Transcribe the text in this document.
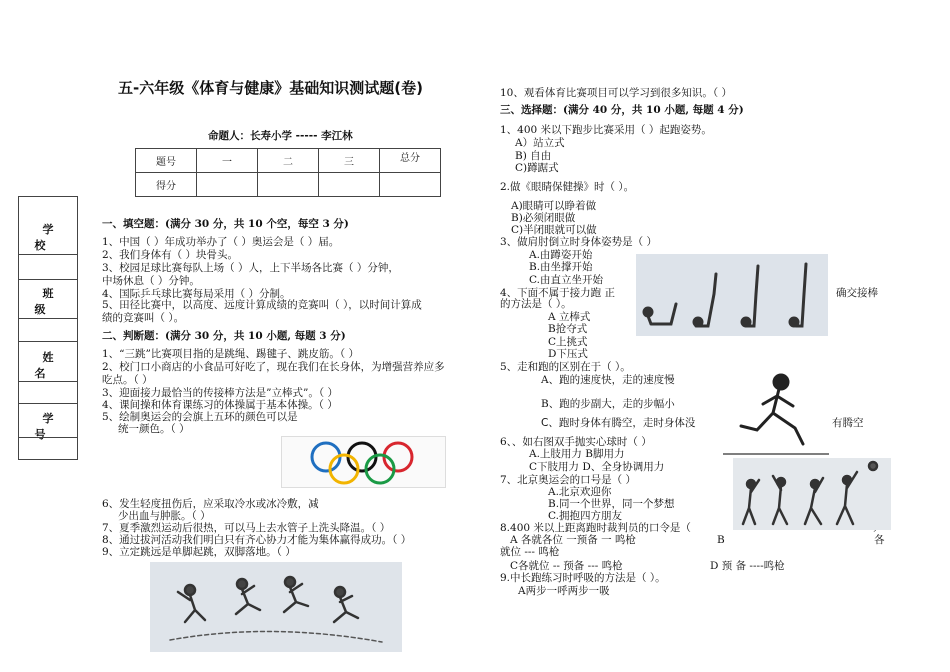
学 校
班 级
姓 名
学 号
五-六年级《体育与健康》基础知识测试题(卷)
命题人：长寿小学 ----- 李江林
题号	一	二	三	总分
得分				
一、填空题：(满分 30 分，共 10 个空，每空 3 分)
1、中国（ ）年成功举办了（ ）奥运会是（ ）届。
2、我们身体有（ ）块骨头。
3、校园足球比赛每队上场（ ）人，上下半场各比赛（ ）分钟，
中场休息（ ）分钟。
4、国际乒乓球比赛每局采用（ ）分制。
5、田径比赛中，以高度、远度计算成绩的竞赛叫（ ），以时间计算成
绩的竞赛叫（ ）。
二、判断题：(满分 30 分，共 10 小题, 每题 3 分)
1、“三跳”比赛项目指的是跳绳、踢毽子、跳皮筋。（ ）
2、校门口小商店的小食品可好吃了，现在我们在长身体，为增强营养应多
吃点。（ ）
3、迎面接力最恰当的传接棒方法是”立棒式”。（ ）
4、课间操和体育课练习的体操属于基本体操。（ ）
5、绘制奥运会的会旗上五环的颜色可以是
统一颜色。（ ）
6、发生轻度扭伤后，应采取冷水或冰冷敷，减
少出血与肿胀。（ ）
7、夏季激烈运动后很热，可以马上去水管子上洗头降温。（ ）
8、通过拔河活动我们明白只有齐心协力才能为集体赢得成功。（ ）
9、立定跳远是单脚起跳，双脚落地。（ ）
10、观看体育比赛项目可以学习到很多知识。（ ）
三、选择题：(满分 40 分，共 10 小题, 每题 4 分)
1、400 米以下跑步比赛采用（ ）起跑姿势。
A）站立式
B) 自由
C)蹲踞式
2.做《眼睛保健操》时（ ）。
A)眼睛可以睁着做
B)必须闭眼做
C)半闭眼就可以做
3、做肩肘倒立时身体姿势是（ ）
A.由蹲姿开始
B.由坐撑开始
C.由直立坐开始
4、下面不属于接力跑 正	确交接棒
的方法是（ ）。
A 立棒式
B抢夺式
C上挑式
D下压式
5、走和跑的区别在于（ ）。
A、跑的速度快，走的速度慢
B、跑的步副大，走的步幅小
C、跑时身体有腾空，走时身体没	有腾空
6、、如右图双手抛实心球时（ ）
A.上肢用力 B脚用力
C下肢用力 D、全身协调用力
7、北京奥运会的口号是（ ）
A.北京欢迎你
B.同一个世界，同一个梦想
C.拥抱四方朋友
8.400 米以上距离跑时裁判员的口令是（
A 各就各位 一预备 一 鸣枪	B	各
就位 --- 鸣枪
C各就位 -- 预备 --- 鸣枪	D 预 备 ----鸣枪
9.中长跑练习时呼吸的方法是（ ）。
A两步一呼两步一吸
